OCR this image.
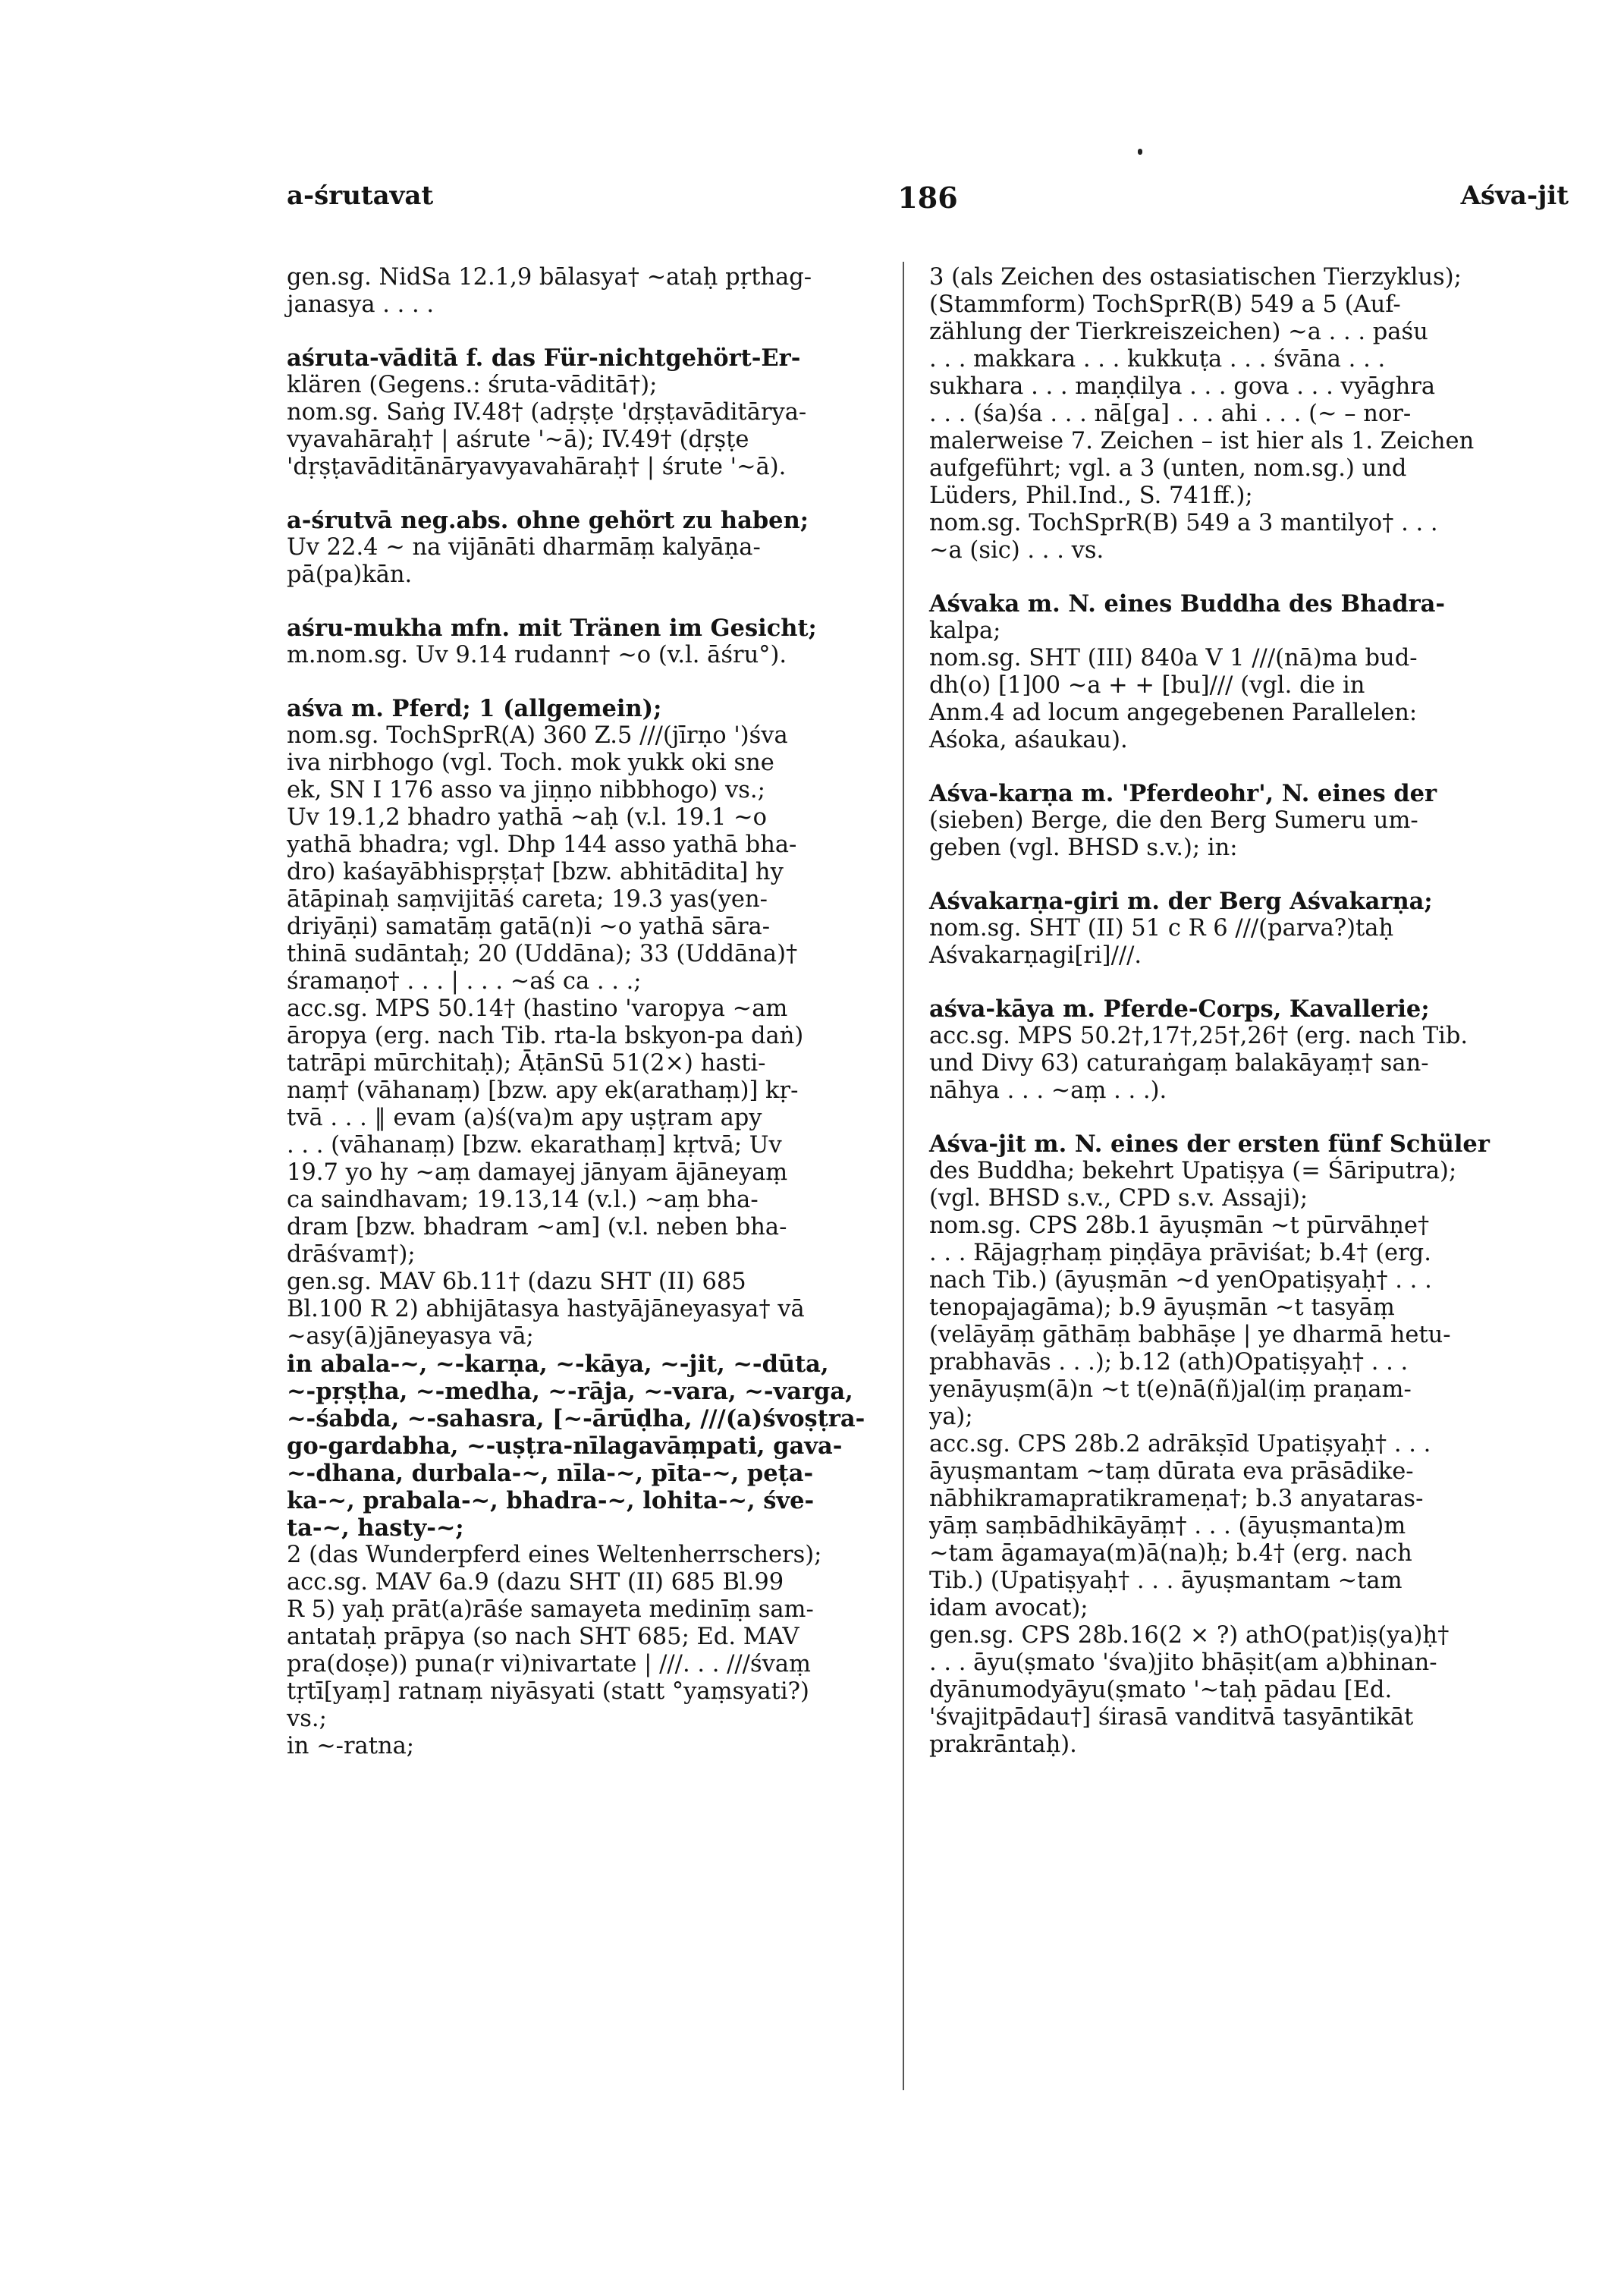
a-śrutavat	186	Aśva-jit
gen.sg. NidSa 12.1,9 bālasya† ~ataḥ pṛthag-
janasya . . . .
aśruta-vāditā f. das Für-nichtgehört-Er-
klären (Gegens.: śruta-vāditā†);
nom.sg. Saṅg IV.48† (adṛṣṭe 'dṛṣṭavāditārya-
vyavahāraḥ† | aśrute '~ā); IV.49† (dṛṣṭe
'dṛṣṭavāditānāryavyavahāraḥ† | śrute '~ā).
a-śrutvā neg.abs. ohne gehört zu haben;
Uv 22.4 ~ na vijānāti dharmāṃ kalyāṇa-
pā(pa)kān.
aśru-mukha mfn. mit Tränen im Gesicht;
m.nom.sg. Uv 9.14 rudann† ~o (v.l. āśru°).
aśva m. Pferd; 1 (allgemein);
nom.sg. TochSprR(A) 360 Z.5 ///(jīrṇo ')śva
iva nirbhogo (vgl. Toch. mok yukk oki sne
ek, SN I 176 asso va jiṇṇo nibbhogo) vs.;
Uv 19.1,2 bhadro yathā ~aḥ (v.l. 19.1 ~o
yathā bhadra; vgl. Dhp 144 asso yathā bha-
dro) kaśayābhispṛṣṭa† [bzw. abhitādita] hy
ātāpinaḥ saṃvijitāś careta; 19.3 yas(yen-
driyāṇi) samatāṃ gatā(n)i ~o yathā sāra-
thinā sudāntaḥ; 20 (Uddāna); 33 (Uddāna)†
śramaṇo† . . . | . . . ~aś ca . . .;
acc.sg. MPS 50.14† (hastino 'varopya ~am
āropya (erg. nach Tib. rta-la bskyon-pa daṅ)
tatrāpi mūrchitaḥ); ĀṭānSū 51(2×) hasti-
naṃ† (vāhanaṃ) [bzw. apy ek(arathaṃ)] kṛ-
tvā . . . ‖ evam (a)ś(va)m apy uṣṭram apy
. . . (vāhanaṃ) [bzw. ekarathaṃ] kṛtvā; Uv
19.7 yo hy ~aṃ damayej jānyam ājāneyaṃ
ca saindhavam; 19.13,14 (v.l.) ~aṃ bha-
dram [bzw. bhadram ~am] (v.l. neben bha-
drāśvam†);
gen.sg. MAV 6b.11† (dazu SHT (II) 685
Bl.100 R 2) abhijātasya hastyājāneyasya† vā
~asy(ā)jāneyasya vā;
in abala-~, ~-karṇa, ~-kāya, ~-jit, ~-dūta,
~-pṛṣṭha, ~-medha, ~-rāja, ~-vara, ~-varga,
~-śabda, ~-sahasra, [~-ārūḍha, ///(a)śvoṣṭra-
go-gardabha, ~-uṣṭra-nīlagavāṃpati, gava-
~-dhana, durbala-~, nīla-~, pīta-~, peṭa-
ka-~, prabala-~, bhadra-~, lohita-~, śve-
ta-~, hasty-~;
2 (das Wunderpferd eines Weltenherrschers);
acc.sg. MAV 6a.9 (dazu SHT (II) 685 Bl.99
R 5) yaḥ prāt(a)rāśe samayeta medinīṃ sam-
antataḥ prāpya (so nach SHT 685; Ed. MAV
pra(doṣe)) puna(r vi)nivartate | ///. . . ///śvaṃ
tṛtī[yaṃ] ratnaṃ niyāsyati (statt °yaṃsyati?)
vs.;
in ~-ratna;
3 (als Zeichen des ostasiatischen Tierzyklus);
(Stammform) TochSprR(B) 549 a 5 (Auf-
zählung der Tierkreiszeichen) ~a . . . paśu
. . . makkara . . . kukkuṭa . . . śvāna . . .
sukhara . . . maṇḍilya . . . gova . . . vyāghra
. . . (śa)śa . . . nā[ga] . . . ahi . . . (~ – nor-
malerweise 7. Zeichen – ist hier als 1. Zeichen
aufgeführt; vgl. a 3 (unten, nom.sg.) und
Lüders, Phil.Ind., S. 741ff.);
nom.sg. TochSprR(B) 549 a 3 mantilyo† . . .
~a (sic) . . . vs.
Aśvaka m. N. eines Buddha des Bhadra-
kalpa;
nom.sg. SHT (III) 840a V 1 ///(nā)ma bud-
dh(o) [1]00 ~a + + [bu]/// (vgl. die in
Anm.4 ad locum angegebenen Parallelen:
Aśoka, aśaukau).
Aśva-karṇa m. 'Pferdeohr', N. eines der
(sieben) Berge, die den Berg Sumeru um-
geben (vgl. BHSD s.v.); in:
Aśvakarṇa-giri m. der Berg Aśvakarṇa;
nom.sg. SHT (II) 51 c R 6 ///(parva?)taḥ
Aśvakarṇagi[ri]///.
aśva-kāya m. Pferde-Corps, Kavallerie;
acc.sg. MPS 50.2†,17†,25†,26† (erg. nach Tib.
und Divy 63) caturaṅgaṃ balakāyaṃ† san-
nāhya . . . ~aṃ . . .).
Aśva-jit m. N. eines der ersten fünf Schüler
des Buddha; bekehrt Upatiṣya (= Śāriputra);
(vgl. BHSD s.v., CPD s.v. Assaji);
nom.sg. CPS 28b.1 āyuṣmān ~t pūrvāhṇe†
. . . Rājagṛhaṃ piṇḍāya prāviśat; b.4† (erg.
nach Tib.) (āyuṣmān ~d yenOpatiṣyaḥ† . . .
tenopajagāma); b.9 āyuṣmān ~t tasyāṃ
(velāyāṃ gāthāṃ babhāṣe | ye dharmā hetu-
prabhavās . . .); b.12 (ath)Opatiṣyaḥ† . . .
yenāyuṣm(ā)n ~t t(e)nā(ñ)jal(iṃ praṇam-
ya);
acc.sg. CPS 28b.2 adrākṣīd Upatiṣyaḥ† . . .
āyuṣmantam ~taṃ dūrata eva prāsādike-
nābhikramapratikrameṇa†; b.3 anyataras-
yāṃ saṃbādhikāyāṃ† . . . (āyuṣmanta)m
~tam āgamaya(m)ā(na)ḥ; b.4† (erg. nach
Tib.) (Upatiṣyaḥ† . . . āyuṣmantam ~tam
idam avocat);
gen.sg. CPS 28b.16(2 × ?) athO(pat)iṣ(ya)ḥ†
. . . āyu(ṣmato 'śva)jito bhāṣit(am a)bhinan-
dyānumodyāyu(ṣmato '~taḥ pādau [Ed.
'śvajitpādau†] śirasā vanditvā tasyāntikāt
prakrāntaḥ).
